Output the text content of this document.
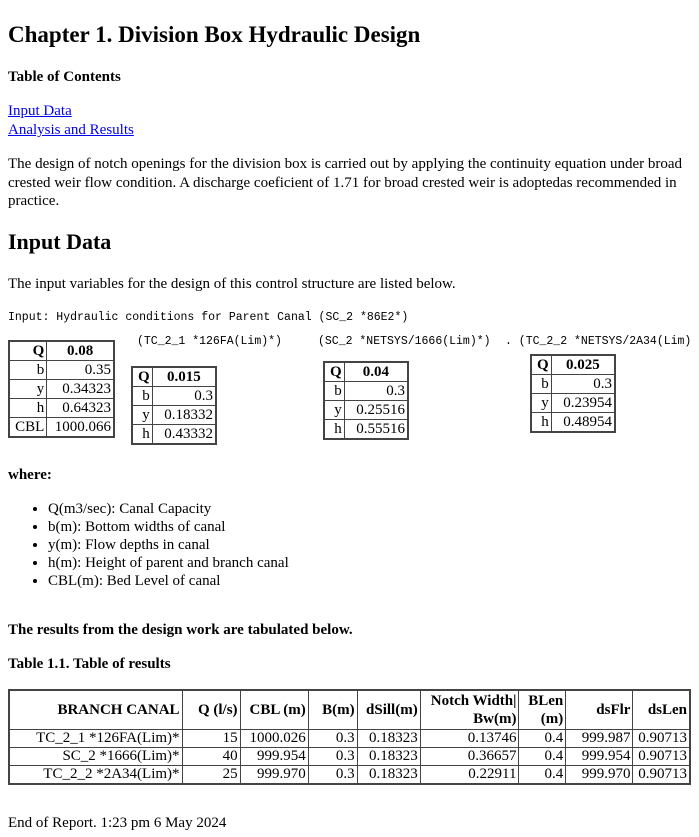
Chapter 1. Division Box Hydraulic Design
Table of Contents
Input Data
Analysis and Results

The design of notch openings for the division box is carried out by applying the continuity equation under broad crested weir flow condition. A discharge coeficient of 1.71 for broad crested weir is adoptedas recommended in practice.

Input Data
The input variables for the design of this control structure are listed below.
Input: Hydraulic conditions for Parent Canal (SC_2 *86E2*)
(TC_2_1 *126FA(Lim)*)	(SC_2 *NETSYS/1666(Lim)*) . (TC_2_2 *NETSYS/2A34(Lim)
Q	0.08
b	0.35
y	0.34323
h	0.64323
CBL	1000.066
Q	0.015
b	0.3
y	0.18332
h	0.43332
Q	0.04
b	0.3
y	0.25516
h	0.55516
Q	0.025
b	0.3
y	0.23954
h	0.48954
where:
• Q(m3/sec): Canal Capacity
• b(m): Bottom widths of canal
• y(m): Flow depths in canal
• h(m): Height of parent and branch canal
• CBL(m): Bed Level of canal
The results from the design work are tabulated below.
Table 1.1. Table of results
BRANCH CANAL	Q (l/s)	CBL (m)	B(m)	dSill(m)	Notch Width|Bw(m)	BLen (m)	dsFlr	dsLen
TC_2_1 *126FA(Lim)*	15	1000.026	0.3	0.18323	0.13746	0.4	999.987	0.90713
SC_2 *1666(Lim)*	40	999.954	0.3	0.18323	0.36657	0.4	999.954	0.90713
TC_2_2 *2A34(Lim)*	25	999.970	0.3	0.18323	0.22911	0.4	999.970	0.90713
End of Report. 1:23 pm 6 May 2024
